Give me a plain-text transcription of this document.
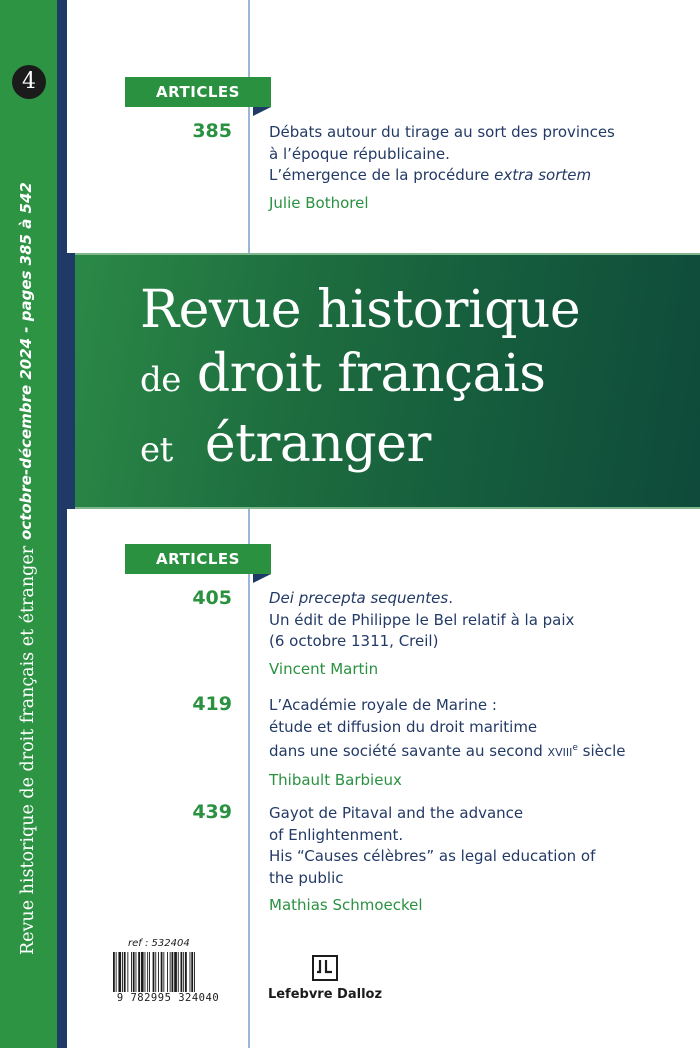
4
octobre-décembre 2024 - pages 385 à 542
Revue historique de droit français et étranger
ARTICLES
385 Débats autour du tirage au sort des provinces
à l’époque républicaine.
L’émergence de la procédure extra sortem
Julie Bothorel
Revue historique
de droit français
et étranger
ARTICLES
405 Dei precepta sequentes.
Un édit de Philippe le Bel relatif à la paix
(6 octobre 1311, Creil)
Vincent Martin
419 L’Académie royale de Marine :
étude et diffusion du droit maritime
dans une société savante au second XVIIIe siècle
Thibault Barbieux
439 Gayot de Pitaval and the advance
of Enlightenment.
His “Causes célèbres” as legal education of
the public
Mathias Schmoeckel
ref : 532404
9 782995 324040	Lefebvre Dalloz
